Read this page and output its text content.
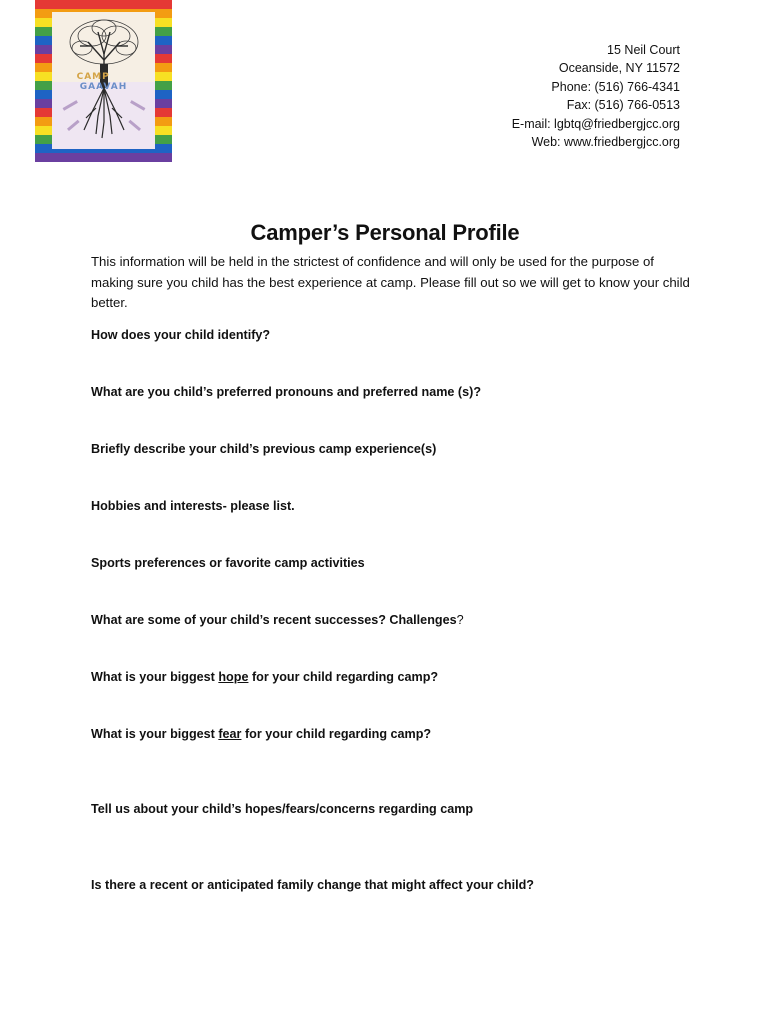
CAMP      GAAVAH
15 Neil Court
Oceanside, NY 11572
Phone: (516) 766-4341
Fax: (516) 766-0513
E-mail: lgbtq@friedbergjcc.org
Web: www.friedbergjcc.org
Camper’s Personal Profile

This information will be held in the strictest of confidence and will only be used for the purpose of making sure you child has the best experience at camp. Please fill out so we will get to know your child better.

How does your child identify?

What are you child’s preferred pronouns and preferred name (s)?

Briefly describe your child’s previous camp experience(s)

Hobbies and interests- please list.

Sports preferences or favorite camp activities

What are some of your child’s recent successes? Challenges?

What is your biggest hope for your child regarding camp?

What is your biggest fear for your child regarding camp?

Tell us about your child’s hopes/fears/concerns regarding camp

Is there a recent or anticipated family change that might affect your child?
